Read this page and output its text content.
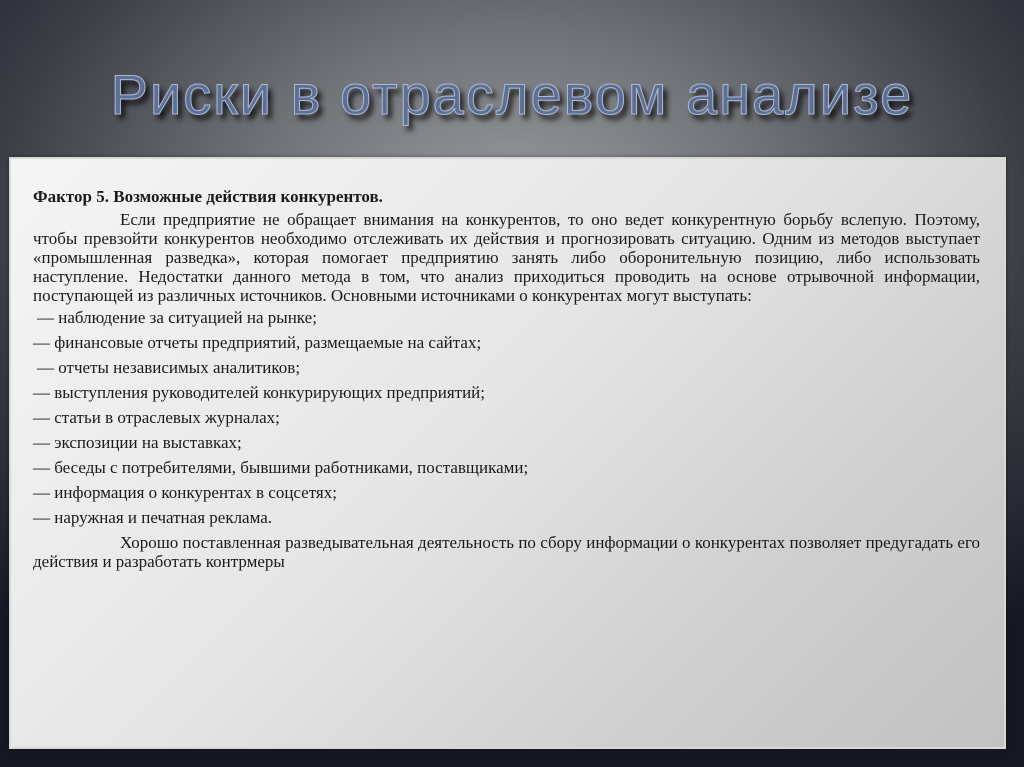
Риски в отраслевом анализе

Фактор 5. Возможные действия конкурентов.

Если предприятие не обращает внимания на конкурентов, то оно ведет конкурентную борьбу вслепую. Поэтому, чтобы превзойти конкурентов необходимо отслеживать их действия и прогнозировать ситуацию. Одним из методов выступает «промышленная разведка», которая помогает предприятию занять либо оборонительную позицию, либо использовать наступление. Недостатки данного метода в том, что анализ приходиться проводить на основе отрывочной информации, поступающей из различных источников. Основными источниками о конкурентах могут выступать:

— наблюдение за ситуацией на рынке;
— финансовые отчеты предприятий, размещаемые на сайтах;
— отчеты независимых аналитиков;
— выступления руководителей конкурирующих предприятий;
— статьи в отраслевых журналах;
— экспозиции на выставках;
— беседы с потребителями, бывшими работниками, поставщиками;
— информация о конкурентах в соцсетях;
— наружная и печатная реклама.

Хорошо поставленная разведывательная деятельность по сбору информации о конкурентах позволяет предугадать его действия и разработать контрмеры
